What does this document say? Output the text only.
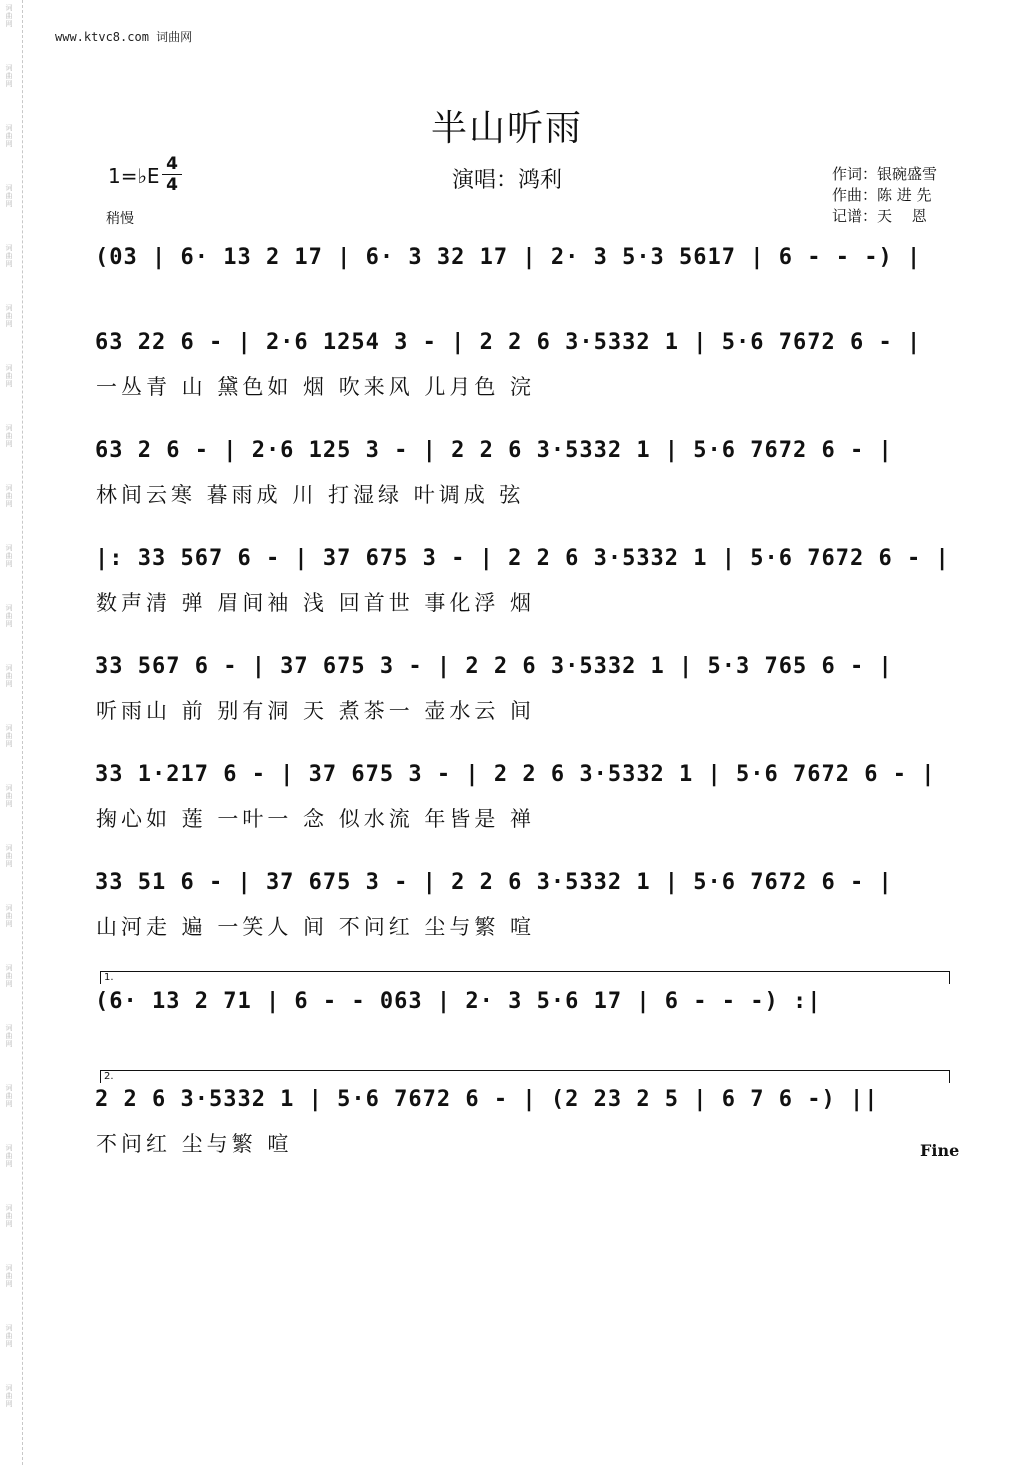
词
曲
网
词
曲
网
词
曲
网
词
曲
网
词
曲
网
词
曲
网
词
曲
网
词
曲
网
词
曲
网
词
曲
网
词
曲
网
词
曲
网
词
曲
网
词
曲
网
词
曲
网
词
曲
网
词
曲
网
词
曲
网
词
曲
网
词
曲
网
词
曲
网
词
曲
网
词
曲
网
词
曲
网
www.ktvc8.com 词曲网
半山听雨
演唱：鸿利
1=♭E 4
4
稍慢
作词：银碗盛雪
作曲：陈 进 先
记谱：天　 恩
(03 | 6· 13 2 17 | 6· 3 32 17 | 2· 3 5·3 5617 | 6 - - -) |
63 22 6 - | 2·6 1254 3 - | 2 2 6 3·5332 1 | 5·6 7672 6 - |
一丛青 山 黛色如 烟 吹来风 儿月色 浣
63 2 6 - | 2·6 125 3 - | 2 2 6 3·5332 1 | 5·6 7672 6 - |
林间云寒 暮雨成 川 打湿绿 叶调成 弦
|: 33 567 6 - | 37 675 3 - | 2 2 6 3·5332 1 | 5·6 7672 6 - |
数声清 弹 眉间袖 浅 回首世 事化浮 烟
33 567 6 - | 37 675 3 - | 2 2 6 3·5332 1 | 5·3 765 6 - |
听雨山 前 别有洞 天 煮茶一 壶水云 间
33 1·217 6 - | 37 675 3 - | 2 2 6 3·5332 1 | 5·6 7672 6 - |
掬心如 莲 一叶一 念 似水流 年皆是 禅
33 51 6 - | 37 675 3 - | 2 2 6 3·5332 1 | 5·6 7672 6 - |
山河走 遍 一笑人 间 不问红 尘与繁 喧
1.
(6· 13 2 71 | 6 - - 063 | 2· 3 5·6 17 | 6 - - -) :|
2.
2 2 6 3·5332 1 | 5·6 7672 6 - | (2 23 2 5 | 6 7 6 -) ||
不问红 尘与繁 喧	Fine
